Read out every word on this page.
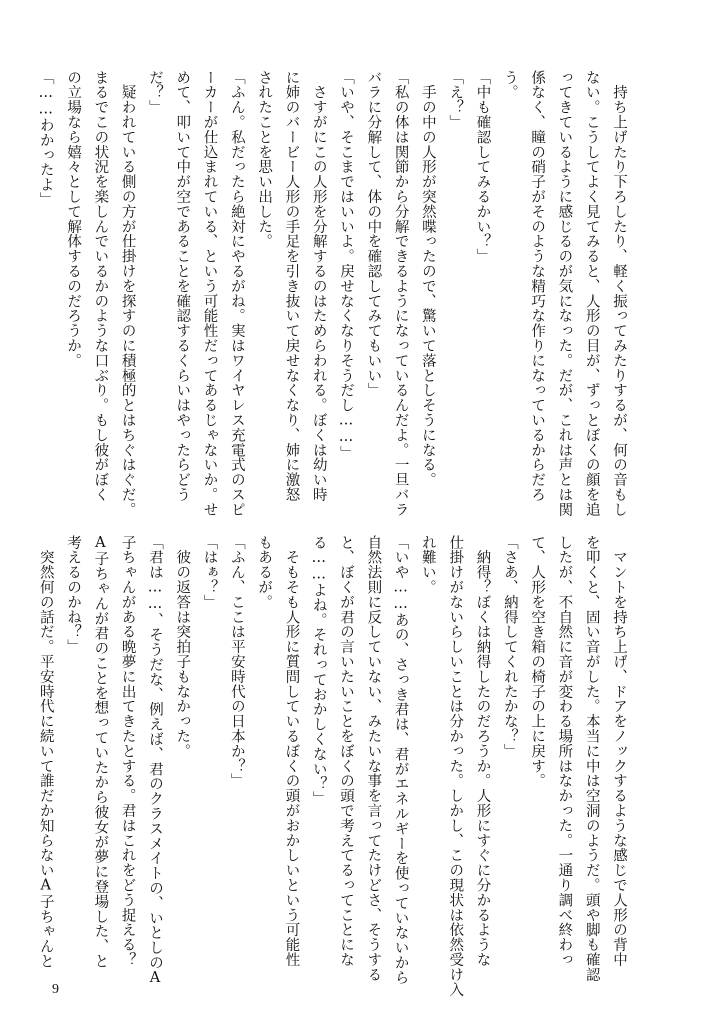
　持ち上げたり下ろしたり、軽く振ってみたりするが、何の音もし
ない。こうしてよく見てみると、人形の目が、ずっとぼくの顔を追
ってきているように感じるのが気になった。だが、これは声とは関
係なく、瞳の硝子がそのような精巧な作りになっているからだろ
う。
「中も確認してみるかい？」
「え？」
　手の中の人形が突然喋ったので、驚いて落としそうになる。
「私の体は関節から分解できるようになっているんだよ。一旦バラ
バラに分解して、体の中を確認してみてもいい」
「いや、そこまではいいよ。戻せなくなりそうだし……」
　さすがにこの人形を分解するのはためらわれる。ぼくは幼い時
に姉のバービー人形の手足を引き抜いて戻せなくなり、姉に激怒
されたことを思い出した。
「ふん。私だったら絶対にやるがね。実はワイヤレス充電式のスピ
ーカーが仕込まれている、という可能性だってあるじゃないか。せ
めて、叩いて中が空であることを確認するくらいはやったらどう
だ？」
　疑われている側の方が仕掛けを探すのに積極的とはちぐはぐだ。
まるでこの状況を楽しんでいるかのような口ぶり。もし彼がぼく
の立場なら嬉々として解体するのだろうか。
「……わかったよ」
　マントを持ち上げ、ドアをノックするような感じで人形の背中
を叩くと、固い音がした。本当に中は空洞のようだ。頭や脚も確認
したが、不自然に音が変わる場所はなかった。一通り調べ終わっ
て、人形を空き箱の椅子の上に戻す。
「さあ、納得してくれたかな？」
　納得？ぼくは納得したのだろうか。人形にすぐに分かるような
仕掛けがないらしいことは分かった。しかし、この現状は依然受け入
れ難い。
「いや……あの、さっき君は、君がエネルギーを使っていないから
自然法則に反していない、みたいな事を言ってたけどさ、そうする
と、ぼくが君の言いたいことをぼくの頭で考えてるってことにな
る……よね。それっておかしくない？」
　そもそも人形に質問しているぼくの頭がおかしいという可能性
もあるが。
「ふん、ここは平安時代の日本か？」
「はぁ？」
　彼の返答は突拍子もなかった。
「君は……、そうだな、例えば、君のクラスメイトの、いとしのA
子ちゃんがある晩夢に出てきたとする。君はこれをどう捉える？
A子ちゃんが君のことを想っていたから彼女が夢に登場した、と
考えるのかね？」
　突然何の話だ。平安時代に続いて誰だか知らないA子ちゃんと
9
